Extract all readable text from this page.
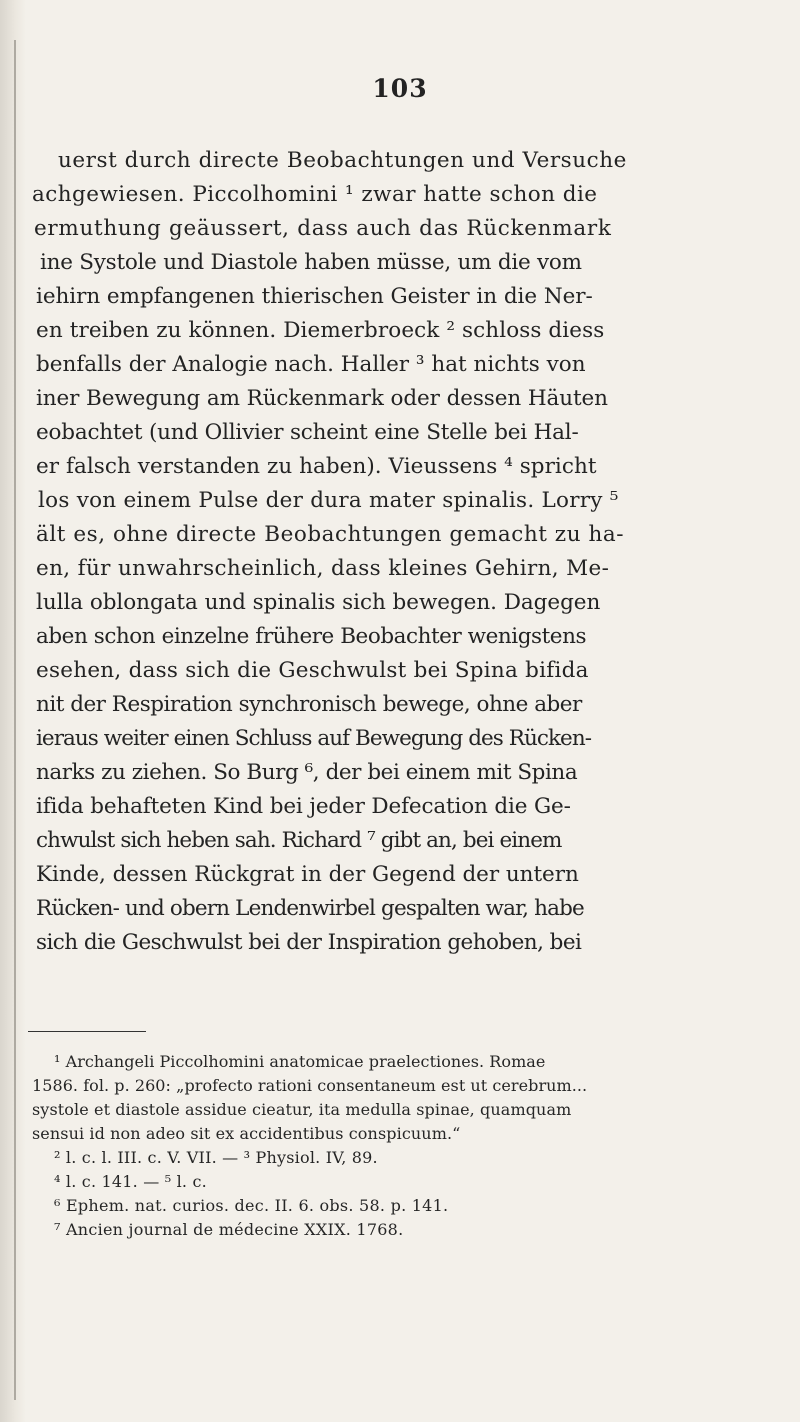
103
uerst durch directe Beobachtungen und Versuche
achgewiesen. Piccolhomini ¹ zwar hatte schon die
ermuthung geäussert, dass auch das Rückenmark
ine Systole und Diastole haben müsse, um die vom
iehirn empfangenen thierischen Geister in die Ner-
en treiben zu können. Diemerbroeck ² schloss diess
benfalls der Analogie nach. Haller ³ hat nichts von
iner Bewegung am Rückenmark oder dessen Häuten
eobachtet (und Ollivier scheint eine Stelle bei Hal-
er falsch verstanden zu haben). Vieussens ⁴ spricht
los von einem Pulse der dura mater spinalis. Lorry ⁵
ält es, ohne directe Beobachtungen gemacht zu ha-
en, für unwahrscheinlich, dass kleines Gehirn, Me-
lulla oblongata und spinalis sich bewegen. Dagegen
aben schon einzelne frühere Beobachter wenigstens
esehen, dass sich die Geschwulst bei Spina bifida
nit der Respiration synchronisch bewege, ohne aber
ieraus weiter einen Schluss auf Bewegung des Rücken-
narks zu ziehen. So Burg ⁶, der bei einem mit Spina
ifida behafteten Kind bei jeder Defecation die Ge-
chwulst sich heben sah. Richard ⁷ gibt an, bei einem
Kinde, dessen Rückgrat in der Gegend der untern
Rücken- und obern Lendenwirbel gespalten war, habe
sich die Geschwulst bei der Inspiration gehoben, bei
¹ Archangeli Piccolhomini anatomicae praelectiones. Romae
1586. fol. p. 260: „profecto rationi consentaneum est ut cerebrum...
systole et diastole assidue cieatur, ita medulla spinae, quamquam
sensui id non adeo sit ex accidentibus conspicuum.“
² l. c. l. III. c. V. VII. — ³ Physiol. IV, 89.
⁴ l. c. 141. — ⁵ l. c.
⁶ Ephem. nat. curios. dec. II. 6. obs. 58. p. 141.
⁷ Ancien journal de médecine XXIX. 1768.
